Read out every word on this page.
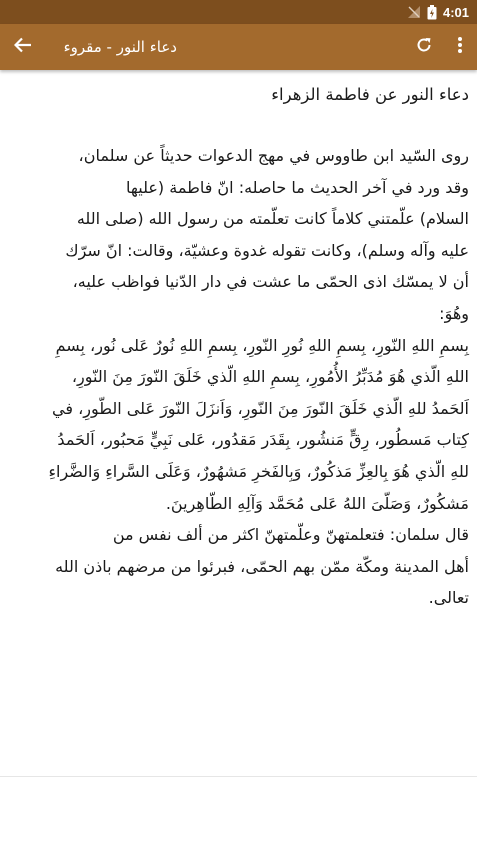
4:01
دعاء النور - مقروء
دعاء النور عن فاطمة الزهراء
روى السّيد ابن طاووس في مهج الدعوات حديثاً عن سلمان،
وقد ورد في آخر الحديث ما حاصله: انّ فاطمة (عليها
السلام) علّمتني كلاماً كانت تعلّمته من رسول الله (صلى الله
عليه وآله وسلم)، وكانت تقوله غدوة وعشيّة، وقالت: انّ سرّك
أن لا يمسّك اذى الحمّى ما عشت في دار الدّنيا فواظب عليه،
وهُوَ:
بِسمِ اللهِ النّورِ، بِسمِ اللهِ نُورِ النّورِ، بِسمِ اللهِ نُورٌ عَلى نُور، بِسمِ
اللهِ الّذي هُوَ مُدَبِّرُ الأُمُورِ، بِسمِ اللهِ الّذي خَلَقَ النّورَ مِنَ النّورِ،
اَلحَمدُ للهِ الّذي خَلَقَ النّورَ مِنَ النّورِ، وَاَنزَلَ النّورَ عَلى الطّورِ، في
كِتاب مَسطُور، رِقٍّ مَنشُور، بِقَدَر مَقدُور، عَلى نَبِيٍّ مَحبُور، اَلحَمدُ
للهِ الّذي هُوَ بِالعِزِّ مَذكُورٌ، وَبِالفَخرِ مَشهُورٌ، وَعَلَى السَّراءِ وَالضَّراءِ
مَشكُورٌ، وَصَلّىَ اللهُ عَلى مُحَمَّد وَآلِهِ الطّاهِرينَ.
قال سلمان: فتعلمتهنّ وعلّمتهنّ اكثر من ألف نفس من
أهل المدينة ومكّة ممّن بهم الحمّى، فبرئوا من مرضهم باذن الله
تعالى.
